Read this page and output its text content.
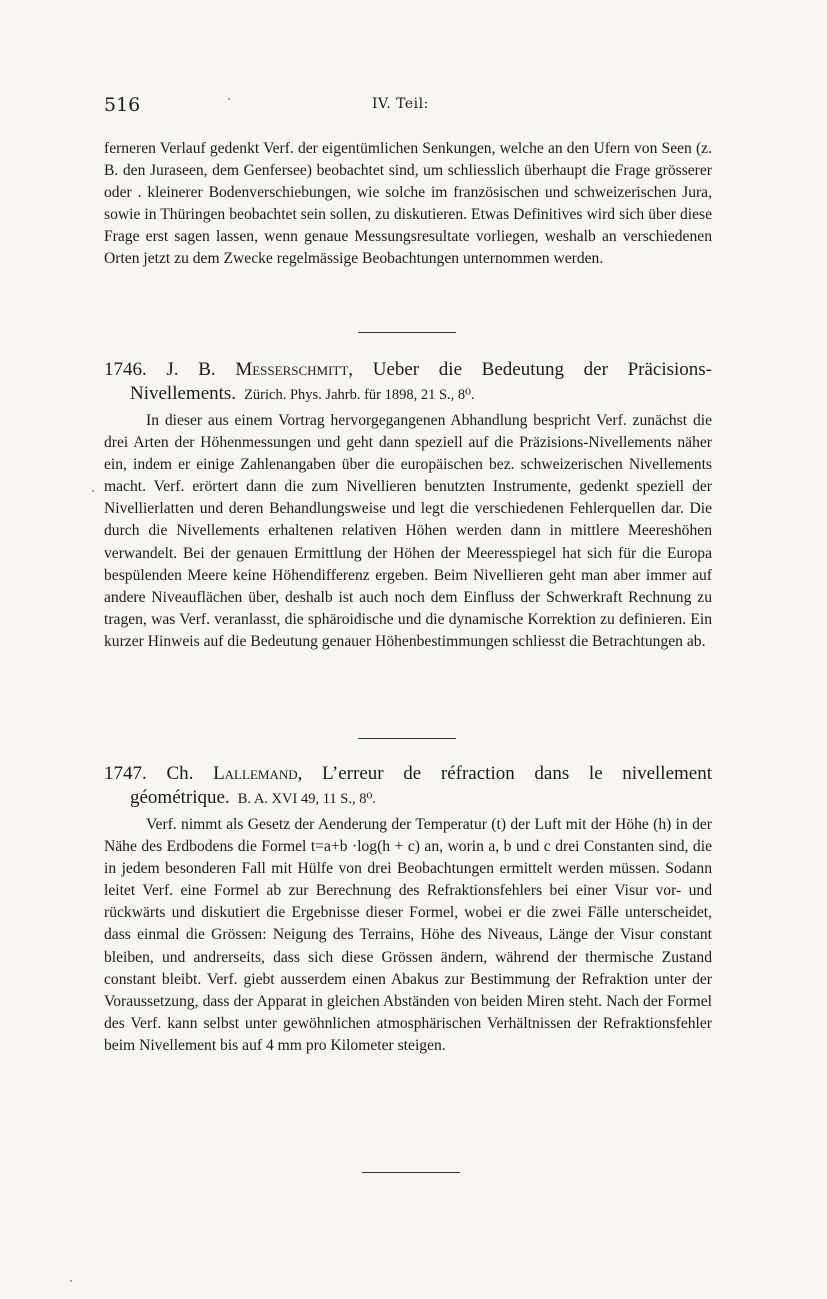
516	IV. Teil:

ferneren Verlauf gedenkt Verf. der eigentümlichen Senkungen, welche an den Ufern von Seen (z. B. den Juraseen, dem Genfersee) beobachtet sind, um schliesslich überhaupt die Frage grösserer oder . kleinerer Bodenverschiebungen, wie solche im französischen und schweizerischen Jura, sowie in Thüringen beobachtet sein sollen, zu diskutieren. Etwas Definitives wird sich über diese Frage erst sagen lassen, wenn genaue Messungsresultate vorliegen, weshalb an verschiedenen Orten jetzt zu dem Zwecke regelmässige Beobachtungen unternommen werden.

1746. J. B. Messerschmitt, Ueber die Bedeutung der Präcisions-
Nivellements. Zürich. Phys. Jahrb. für 1898, 21 S., 8⁰.

In dieser aus einem Vortrag hervorgegangenen Abhandlung bespricht Verf. zunächst die drei Arten der Höhenmessungen und geht dann speziell auf die Präzisions-Nivellements näher ein, indem er einige Zahlenangaben über die europäischen bez. schweizerischen Nivellements macht. Verf. erörtert dann die zum Nivellieren benutzten Instrumente, gedenkt speziell der Nivellierlatten und deren Behandlungsweise und legt die verschiedenen Fehlerquellen dar. Die durch die Nivellements erhaltenen relativen Höhen werden dann in mittlere Meereshöhen verwandelt. Bei der genauen Ermittlung der Höhen der Meeresspiegel hat sich für die Europa bespülenden Meere keine Höhendifferenz ergeben. Beim Nivellieren geht man aber immer auf andere Niveauflächen über, deshalb ist auch noch dem Einfluss der Schwerkraft Rechnung zu tragen, was Verf. veranlasst, die sphäroidische und die dynamische Korrektion zu definieren. Ein kurzer Hinweis auf die Bedeutung genauer Höhenbestimmungen schliesst die Betrachtungen ab.

1747. Ch. Lallemand, L’erreur de réfraction dans le nivellement
géométrique. B. A. XVI 49, 11 S., 8⁰.

Verf. nimmt als Gesetz der Aenderung der Temperatur (t) der Luft mit der Höhe (h) in der Nähe des Erdbodens die Formel t=a+b ·log(h + c) an, worin a, b und c drei Constanten sind, die in jedem besonderen Fall mit Hülfe von drei Beobachtungen ermittelt werden müssen. Sodann leitet Verf. eine Formel ab zur Berechnung des Refraktionsfehlers bei einer Visur vor- und rückwärts und diskutiert die Ergebnisse dieser Formel, wobei er die zwei Fälle unterscheidet, dass einmal die Grössen: Neigung des Terrains, Höhe des Niveaus, Länge der Visur constant bleiben, und andrerseits, dass sich diese Grössen ändern, während der thermische Zustand constant bleibt. Verf. giebt ausserdem einen Abakus zur Bestimmung der Refraktion unter der Voraussetzung, dass der Apparat in gleichen Abständen von beiden Miren steht. Nach der Formel des Verf. kann selbst unter gewöhnlichen atmosphärischen Verhältnissen der Refraktionsfehler beim Nivellement bis auf 4 mm pro Kilometer steigen.
